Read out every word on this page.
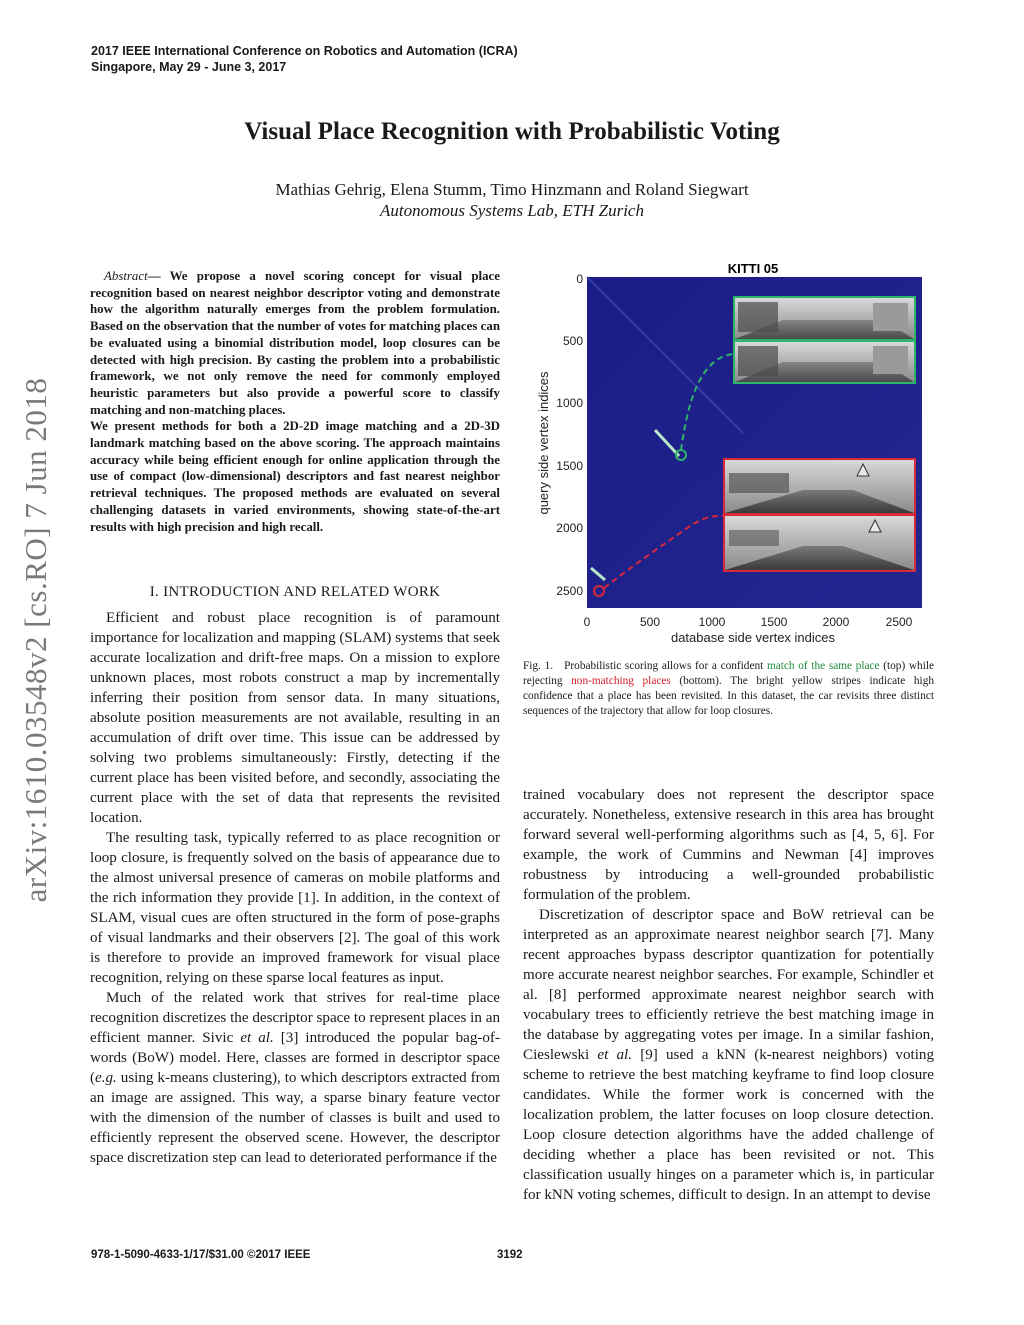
2017 IEEE International Conference on Robotics and Automation (ICRA)
Singapore, May 29 - June 3, 2017
Visual Place Recognition with Probabilistic Voting
Mathias Gehrig, Elena Stumm, Timo Hinzmann and Roland Siegwart
Autonomous Systems Lab, ETH Zurich
arXiv:1610.03548v2 [cs.RO] 7 Jun 2018

Abstract— We propose a novel scoring concept for visual place recognition based on nearest neighbor descriptor voting and demonstrate how the algorithm naturally emerges from the problem formulation. Based on the observation that the number of votes for matching places can be evaluated using a binomial distribution model, loop closures can be detected with high precision. By casting the problem into a probabilistic framework, we not only remove the need for commonly employed heuristic parameters but also provide a powerful score to classify matching and non-matching places.

We present methods for both a 2D-2D image matching and a 2D-3D landmark matching based on the above scoring. The approach maintains accuracy while being efficient enough for online application through the use of compact (low-dimensional) descriptors and fast nearest neighbor retrieval techniques. The proposed methods are evaluated on several challenging datasets in varied environments, showing state-of-the-art results with high precision and high recall.

I. INTRODUCTION AND RELATED WORK

Efficient and robust place recognition is of paramount importance for localization and mapping (SLAM) systems that seek accurate localization and drift-free maps. On a mission to explore unknown places, most robots construct a map by incrementally inferring their position from sensor data. In many situations, absolute position measurements are not available, resulting in an accumulation of drift over time. This issue can be addressed by solving two problems simultaneously: Firstly, detecting if the current place has been visited before, and secondly, associating the current place with the set of data that represents the revisited location.

The resulting task, typically referred to as place recognition or loop closure, is frequently solved on the basis of appearance due to the almost universal presence of cameras on mobile platforms and the rich information they provide [1]. In addition, in the context of SLAM, visual cues are often structured in the form of pose-graphs of visual landmarks and their observers [2]. The goal of this work is therefore to provide an improved framework for visual place recognition, relying on these sparse local features as input.

Much of the related work that strives for real-time place recognition discretizes the descriptor space to represent places in an efficient manner. Sivic et al. [3] introduced the popular bag-of-words (BoW) model. Here, classes are formed in descriptor space (e.g. using k-means clustering), to which descriptors extracted from an image are assigned. This way, a sparse binary feature vector with the dimension of the number of classes is built and used to efficiently represent the observed scene. However, the descriptor space discretization step can lead to deteriorated performance if the

KITTI 05
0
500
1000
1500
2000
2500
0	500	1000	1500	2000	2500
database side vertex indices
query side vertex indices
Fig. 1. Probabilistic scoring allows for a confident match of the same place (top) while rejecting non-matching places (bottom). The bright yellow stripes indicate high confidence that a place has been revisited. In this dataset, the car revisits three distinct sequences of the trajectory that allow for loop closures.

trained vocabulary does not represent the descriptor space accurately. Nonetheless, extensive research in this area has brought forward several well-performing algorithms such as [4, 5, 6]. For example, the work of Cummins and Newman [4] improves robustness by introducing a well-grounded probabilistic formulation of the problem.

Discretization of descriptor space and BoW retrieval can be interpreted as an approximate nearest neighbor search [7]. Many recent approaches bypass descriptor quantization for potentially more accurate nearest neighbor searches. For example, Schindler et al. [8] performed approximate nearest neighbor search with vocabulary trees to efficiently retrieve the best matching image in the database by aggregating votes per image. In a similar fashion, Cieslewski et al. [9] used a kNN (k-nearest neighbors) voting scheme to retrieve the best matching keyframe to find loop closure candidates. While the former work is concerned with the localization problem, the latter focuses on loop closure detection. Loop closure detection algorithms have the added challenge of deciding whether a place has been revisited or not. This classification usually hinges on a parameter which is, in particular for kNN voting schemes, difficult to design. In an attempt to devise

978-1-5090-4633-1/17/$31.00 ©2017 IEEE	3192
